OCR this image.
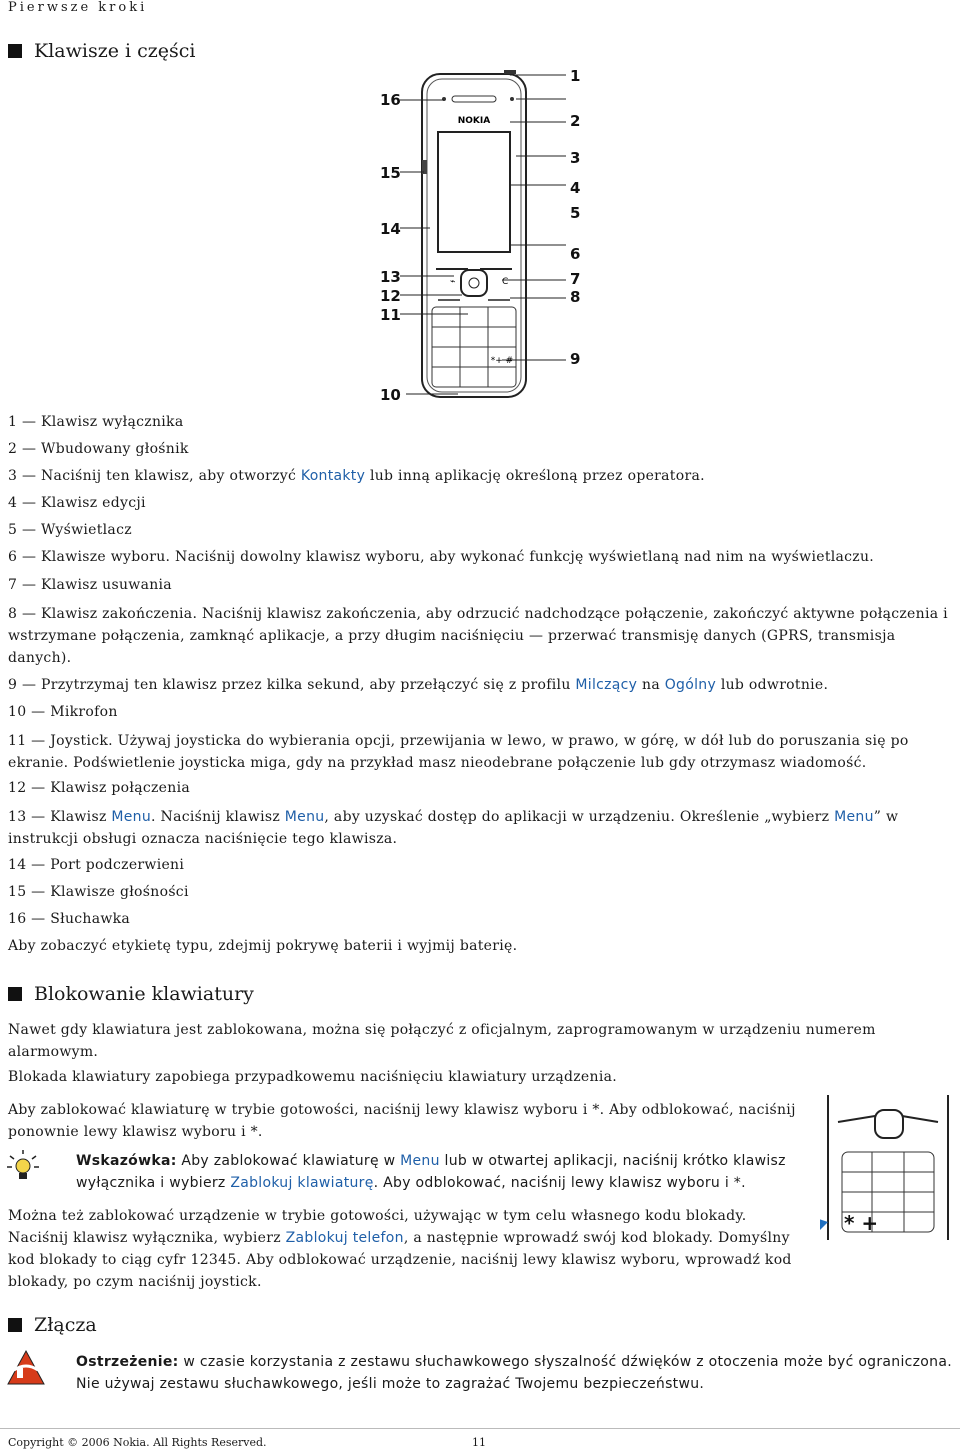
Pierwsze kroki
Klawisze i części
NOKIA
⌁	C
*+ #
1
2
3
4
5
6
7
8
9
16
15
14
13
12
11
10
1 — Klawisz wyłącznika
2 — Wbudowany głośnik
3 — Naciśnij ten klawisz, aby otworzyć Kontakty lub inną aplikację określoną przez operatora.
4 — Klawisz edycji
5 — Wyświetlacz
6 — Klawisze wyboru. Naciśnij dowolny klawisz wyboru, aby wykonać funkcję wyświetlaną nad nim na wyświetlaczu.
7 — Klawisz usuwania
8 — Klawisz zakończenia. Naciśnij klawisz zakończenia, aby odrzucić nadchodzące połączenie, zakończyć aktywne połączenia i wstrzymane połączenia, zamknąć aplikacje, a przy długim naciśnięciu — przerwać transmisję danych (GPRS, transmisja danych).
9 — Przytrzymaj ten klawisz przez kilka sekund, aby przełączyć się z profilu Milczący na Ogólny lub odwrotnie.
10 — Mikrofon
11 — Joystick. Używaj joysticka do wybierania opcji, przewijania w lewo, w prawo, w górę, w dół lub do poruszania się po ekranie. Podświetlenie joysticka miga, gdy na przykład masz nieodebrane połączenie lub gdy otrzymasz wiadomość.
12 — Klawisz połączenia
13 — Klawisz Menu. Naciśnij klawisz Menu, aby uzyskać dostęp do aplikacji w urządzeniu. Określenie „wybierz Menu” w instrukcji obsługi oznacza naciśnięcie tego klawisza.
14 — Port podczerwieni
15 — Klawisze głośności
16 — Słuchawka
Aby zobaczyć etykietę typu, zdejmij pokrywę baterii i wyjmij baterię.
Blokowanie klawiatury
Nawet gdy klawiatura jest zablokowana, można się połączyć z oficjalnym, zaprogramowanym w urządzeniu numerem alarmowym.
Blokada klawiatury zapobiega przypadkowemu naciśnięciu klawiatury urządzenia.
Aby zablokować klawiaturę w trybie gotowości, naciśnij lewy klawisz wyboru i *. Aby odblokować, naciśnij ponownie lewy klawisz wyboru i *.
Wskazówka: Aby zablokować klawiaturę w Menu lub w otwartej aplikacji, naciśnij krótko klawisz wyłącznika i wybierz Zablokuj klawiaturę. Aby odblokować, naciśnij lewy klawisz wyboru i *.
* +
Można też zablokować urządzenie w trybie gotowości, używając w tym celu własnego kodu blokady. Naciśnij klawisz wyłącznika, wybierz Zablokuj telefon, a następnie wprowadź swój kod blokady. Domyślny kod blokady to ciąg cyfr 12345. Aby odblokować urządzenie, naciśnij lewy klawisz wyboru, wprowadź kod blokady, po czym naciśnij joystick.
Złącza
Ostrzeżenie: w czasie korzystania z zestawu słuchawkowego słyszalność dźwięków z otoczenia może być ograniczona. Nie używaj zestawu słuchawkowego, jeśli może to zagrażać Twojemu bezpieczeństwu.
Copyright © 2006 Nokia. All Rights Reserved.	11
